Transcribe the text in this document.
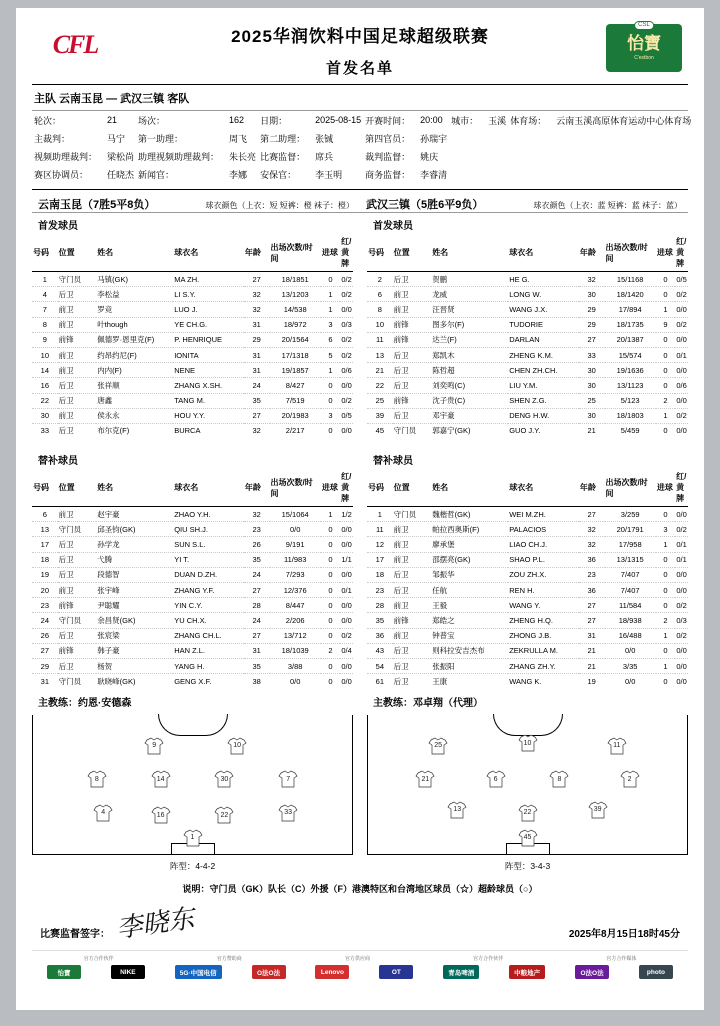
CFL	2025华润饮料中国足球超级联赛
首发名单
CSL
怡寶
C'estbon
主队 云南玉昆 — 武汉三镇 客队
轮次：	21	场次：	162	日期：	2025-08-15	开赛时间：	20:00	城市：	玉溪	体育场：	云南玉溪高原体育运动中心体育场
主裁判：	马宁	第一助理：	周飞	第二助理：	张铖	第四官员：	孙瑞宇				
视频助理裁判：	梁松尚	助理视频助理裁判：	朱长亮	比赛监督：	席兵	裁判监督：	姚庆				
赛区协调员：	任晓杰	新闻官：	李娜	安保官：	李玉明	商务监督：	李睿清				
云南玉昆（7胜5平8负）	球衣颜色（上衣：短 短裤：橙 袜子：橙） 武汉三镇（5胜6平9负）	球衣颜色（上衣：蓝 短裤：蓝 袜子：蓝）
首发球员
号码	位置	姓名	球衣名	年龄	出场次数/时间	进球	红/黄牌
1	守门员	马镇(GK)	MA ZH.	27	18/1851	0	0/2
4	后卫	李松益	LI S.Y.	32	13/1203	1	0/2
7	前卫	罗竞	LUO J.	32	14/538	1	0/0
8	前卫	叶though	YE CH.G.	31	18/972	3	0/3
9	前锋	佩德罗·恩里克(F)	P. HENRIQUE	29	20/1564	6	0/2
10	前卫	约昂约尼(F)	IONITA	31	17/1318	5	0/2
14	前卫	内内(F)	NENE	31	19/1857	1	0/6
16	后卫	张祥顺	ZHANG X.SH.	24	8/427	0	0/0
22	后卫	唐鑫	TANG M.	35	7/519	0	0/2
30	前卫	侯永永	HOU Y.Y.	27	20/1983	3	0/5
33	后卫	布尔克(F)	BURCA	32	2/217	0	0/0
首发球员
号码	位置	姓名	球衣名	年龄	出场次数/时间	进球	红/黄牌
2	后卫	贺鹏	HE G.	32	15/1168	0	0/5
6	前卫	龙威	LONG W.	30	18/1420	0	0/2
8	前卫	汪晋贤	WANG J.X.	29	17/894	1	0/0
10	前锋	图多尔(F)	TUDORIE	29	18/1735	9	0/2
11	前锋	达兰(F)	DARLAN	27	20/1387	0	0/0
13	后卫	郑凯木	ZHENG K.M.	33	15/574	0	0/1
21	后卫	陈哲超	CHEN ZH.CH.	30	19/1636	0	0/0
22	后卫	刘奕鸣(C)	LIU Y.M.	30	13/1123	0	0/6
25	前锋	沈子贵(C)	SHEN Z.G.	25	5/123	2	0/0
39	后卫	邓宇豪	DENG H.W.	30	18/1803	1	0/2
45	守门员	郭嘉宁(GK)	GUO J.Y.	21	5/459	0	0/0
替补球员
号码	位置	姓名	球衣名	年龄	出场次数/时间	进球	红/黄牌
6	前卫	赵宇豪	ZHAO Y.H.	32	15/1064	1	1/2
13	守门员	邱圣钧(GK)	QIU SH.J.	23	0/0	0	0/0
17	后卫	孙学龙	SUN S.L.	26	9/191	0	0/0
18	后卫	弋腾	YI T.	35	11/983	0	1/1
19	后卫	段德智	DUAN D.ZH.	24	7/293	0	0/0
20	前卫	张宇峰	ZHANG Y.F.	27	12/376	0	0/1
23	前锋	尹聪耀	YIN C.Y.	28	8/447	0	0/0
24	守门员	余昌贤(GK)	YU CH.X.	24	2/206	0	0/0
26	后卫	张宸梁	ZHANG CH.L.	27	13/712	0	0/2
27	前锋	韩子豪	HAN Z.L.	31	18/1039	2	0/4
29	后卫	杨贺	YANG H.	35	3/88	0	0/0
31	守门员	耿晓峰(GK)	GENG X.F.	38	0/0	0	0/0
替补球员
号码	位置	姓名	球衣名	年龄	出场次数/时间	进球	红/黄牌
1	守门员	魏楷哲(GK)	WEI M.ZH.	27	3/259	0	0/0
11	前卫	帕拉西奥斯(F)	PALACIOS	32	20/1791	3	0/2
12	前卫	廖承堡	LIAO CH.J.	32	17/958	1	0/1
17	前卫	邵摆亮(GK)	SHAO P.L.	36	13/1315	0	0/1
18	后卫	邹振华	ZOU ZH.X.	23	7/407	0	0/0
23	后卫	任航	REN H.	36	7/407	0	0/0
28	前卫	王毅	WANG Y.	27	11/584	0	0/2
35	前锋	郑皓之	ZHENG H.Q.	27	18/938	2	0/3
36	前卫	钟普宝	ZHONG J.B.	31	16/488	1	0/2
43	后卫	则科拉安吉杰布	ZEKRULLA M.	21	0/0	0	0/0
54	后卫	张振阳	ZHANG ZH.Y.	21	3/35	1	0/0
61	后卫	王康	WANG K.	19	0/0	0	0/0
主教练：约恩·安德森	主教练：邓卓翔（代理）
1
4	16	22	33
8	14	30	7
9	10
阵型：4-4-2
45
13	22	39
21	6	8	2
25	10	11
阵型：3-4-3
说明：守门员（GK）队长（C）外援（F）港澳特区和台湾地区球员（☆）超龄球员（○）
比赛监督签字： 李晓东	2025年8月15日18时45分
官方合作伙伴	官方赞助商	官方供应商	官方合作伙伴	官方合作媒体
怡寶	NIKE	5G·中国电信	O法O法	Lenovo	OT	青岛啤酒	中粮地产	O法O法	photo
